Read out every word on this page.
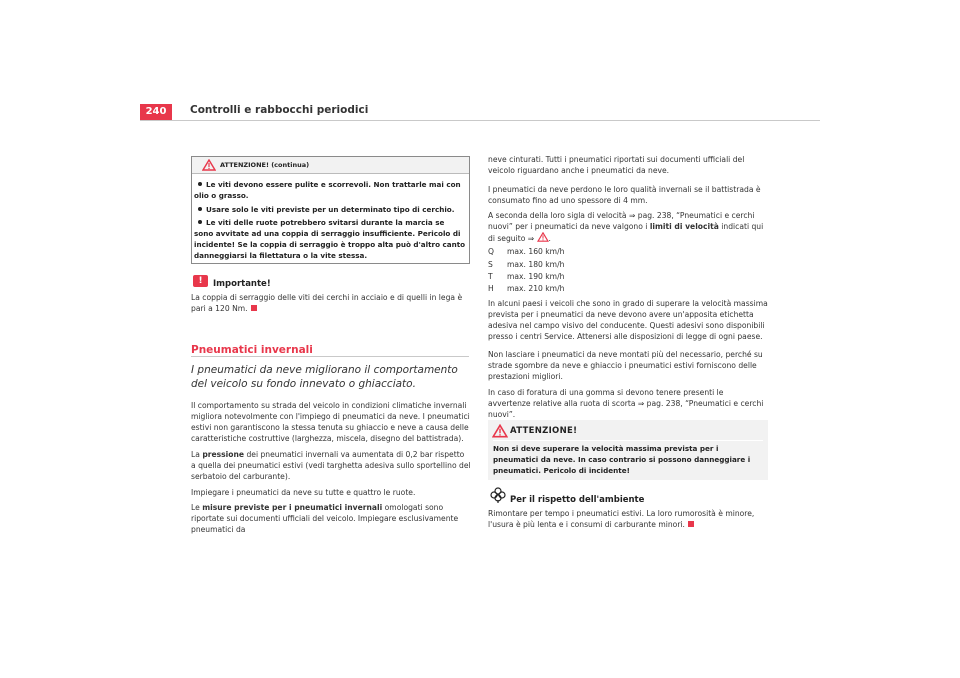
240	Controlli e rabbocchi periodici
ATTENZIONE! (continua)
Le viti devono essere pulite e scorrevoli. Non trattarle mai con olio o grasso.
Usare solo le viti previste per un determinato tipo di cerchio.
Le viti delle ruote potrebbero svitarsi durante la marcia se sono avvitate ad una coppia di serraggio insufficiente. Pericolo di incidente! Se la coppia di serraggio è troppo alta può d'altro canto danneggiarsi la filettatura o la vite stessa.
!	Importante!
La coppia di serraggio delle viti dei cerchi in acciaio e di quelli in lega è pari a 120 Nm.
Pneumatici invernali
I pneumatici da neve migliorano il comportamento del veicolo su fondo innevato o ghiacciato.
Il comportamento su strada del veicolo in condizioni climatiche invernali migliora notevolmente con l'impiego di pneumatici da neve. I pneumatici estivi non garantiscono la stessa tenuta su ghiaccio e neve a causa delle caratteristiche costruttive (larghezza, miscela, disegno del battistrada).
La pressione dei pneumatici invernali va aumentata di 0,2 bar rispetto a quella dei pneumatici estivi (vedi targhetta adesiva sullo sportellino del serbatoio del carburante).
Impiegare i pneumatici da neve su tutte e quattro le ruote.
Le misure previste per i pneumatici invernali omologati sono riportate sui documenti ufficiali del veicolo. Impiegare esclusivamente pneumatici da
neve cinturati. Tutti i pneumatici riportati sui documenti ufficiali del veicolo riguardano anche i pneumatici da neve.
I pneumatici da neve perdono le loro qualità invernali se il battistrada è consumato fino ad uno spessore di 4 mm.
A seconda della loro sigla di velocità ⇒ pag. 238, “Pneumatici e cerchi nuovi” per i pneumatici da neve valgono i limiti di velocità indicati qui di seguito ⇒ .
Q max. 160 km/h
S max. 180 km/h
T max. 190 km/h
H max. 210 km/h
In alcuni paesi i veicoli che sono in grado di superare la velocità massima prevista per i pneumatici da neve devono avere un'apposita etichetta adesiva nel campo visivo del conducente. Questi adesivi sono disponibili presso i centri Service. Attenersi alle disposizioni di legge di ogni paese.
Non lasciare i pneumatici da neve montati più del necessario, perché su strade sgombre da neve e ghiaccio i pneumatici estivi forniscono delle prestazioni migliori.
In caso di foratura di una gomma si devono tenere presenti le avvertenze relative alla ruota di scorta ⇒ pag. 238, “Pneumatici e cerchi nuovi”.
ATTENZIONE!
Non si deve superare la velocità massima prevista per i pneumatici da neve. In caso contrario si possono danneggiare i pneumatici. Pericolo di incidente!
Per il rispetto dell'ambiente
Rimontare per tempo i pneumatici estivi. La loro rumorosità è minore, l'usura è più lenta e i consumi di carburante minori.
